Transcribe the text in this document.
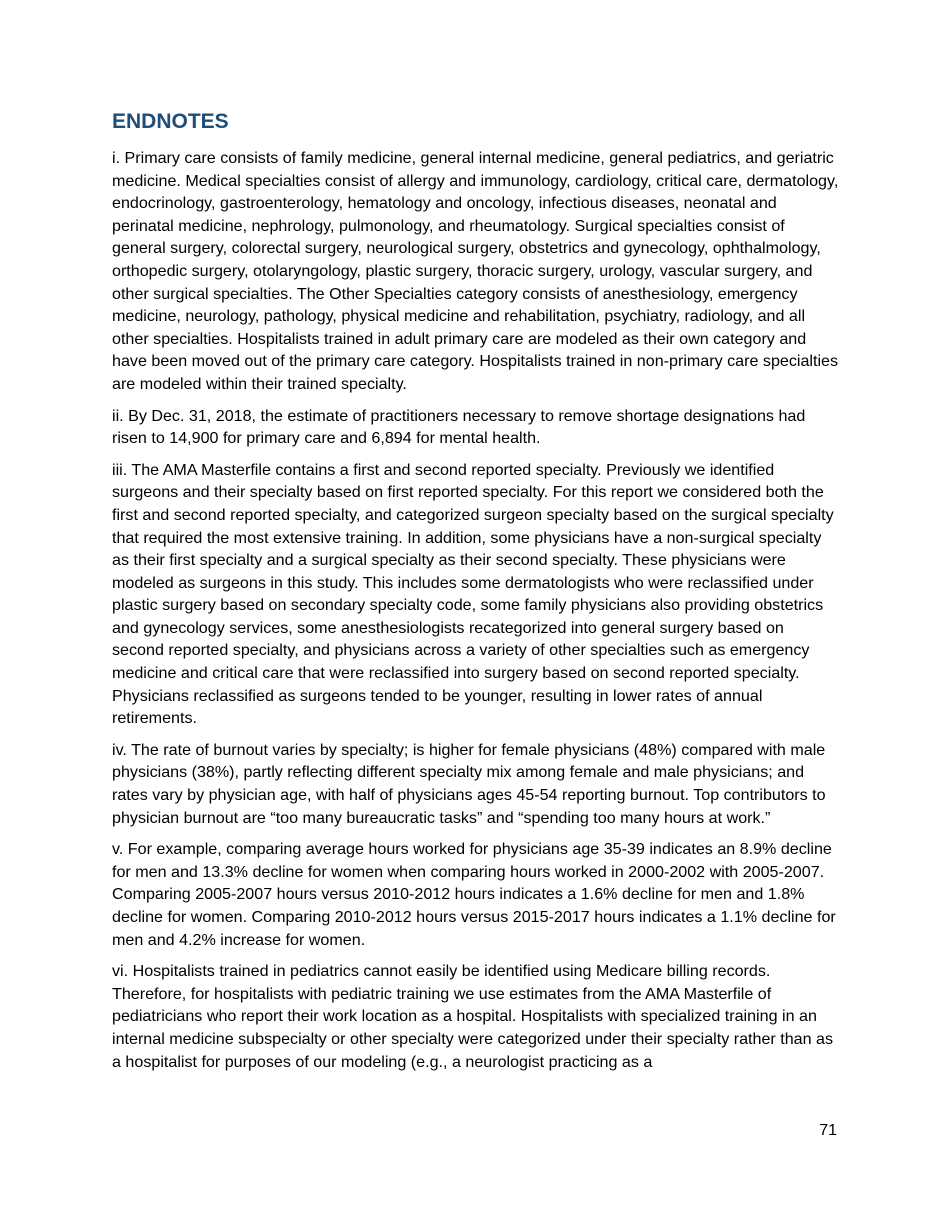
ENDNOTES

i. Primary care consists of family medicine, general internal medicine, general pediatrics, and geriatric medicine. Medical specialties consist of allergy and immunology, cardiology, critical care, dermatology, endocrinology, gastroenterology, hematology and oncology, infectious diseases, neonatal and perinatal medicine, nephrology, pulmonology, and rheumatology. Surgical specialties consist of general surgery, colorectal surgery, neurological surgery, obstetrics and gynecology, ophthalmology, orthopedic surgery, otolaryngology, plastic surgery, thoracic surgery, urology, vascular surgery, and other surgical specialties. The Other Specialties category consists of anesthesiology, emergency medicine, neurology, pathology, physical medicine and rehabilitation, psychiatry, radiology, and all other specialties. Hospitalists trained in adult primary care are modeled as their own category and have been moved out of the primary care category. Hospitalists trained in non-primary care specialties are modeled within their trained specialty.

ii. By Dec. 31, 2018, the estimate of practitioners necessary to remove shortage designations had risen to 14,900 for primary care and 6,894 for mental health.

iii. The AMA Masterfile contains a first and second reported specialty. Previously we identified surgeons and their specialty based on first reported specialty. For this report we considered both the first and second reported specialty, and categorized surgeon specialty based on the surgical specialty that required the most extensive training. In addition, some physicians have a non-surgical specialty as their first specialty and a surgical specialty as their second specialty. These physicians were modeled as surgeons in this study. This includes some dermatologists who were reclassified under plastic surgery based on secondary specialty code, some family physicians also providing obstetrics and gynecology services, some anesthesiologists recategorized into general surgery based on second reported specialty, and physicians across a variety of other specialties such as emergency medicine and critical care that were reclassified into surgery based on second reported specialty. Physicians reclassified as surgeons tended to be younger, resulting in lower rates of annual retirements.

iv. The rate of burnout varies by specialty; is higher for female physicians (48%) compared with male physicians (38%), partly reflecting different specialty mix among female and male physicians; and rates vary by physician age, with half of physicians ages 45-54 reporting burnout. Top contributors to physician burnout are “too many bureaucratic tasks” and “spending too many hours at work.”

v. For example, comparing average hours worked for physicians age 35-39 indicates an 8.9% decline for men and 13.3% decline for women when comparing hours worked in 2000-2002 with 2005-2007. Comparing 2005-2007 hours versus 2010-2012 hours indicates a 1.6% decline for men and 1.8% decline for women. Comparing 2010-2012 hours versus 2015-2017 hours indicates a 1.1% decline for men and 4.2% increase for women.

vi. Hospitalists trained in pediatrics cannot easily be identified using Medicare billing records. Therefore, for hospitalists with pediatric training we use estimates from the AMA Masterfile of pediatricians who report their work location as a hospital. Hospitalists with specialized training in an internal medicine subspecialty or other specialty were categorized under their specialty rather than as a hospitalist for purposes of our modeling (e.g., a neurologist practicing as a

71
